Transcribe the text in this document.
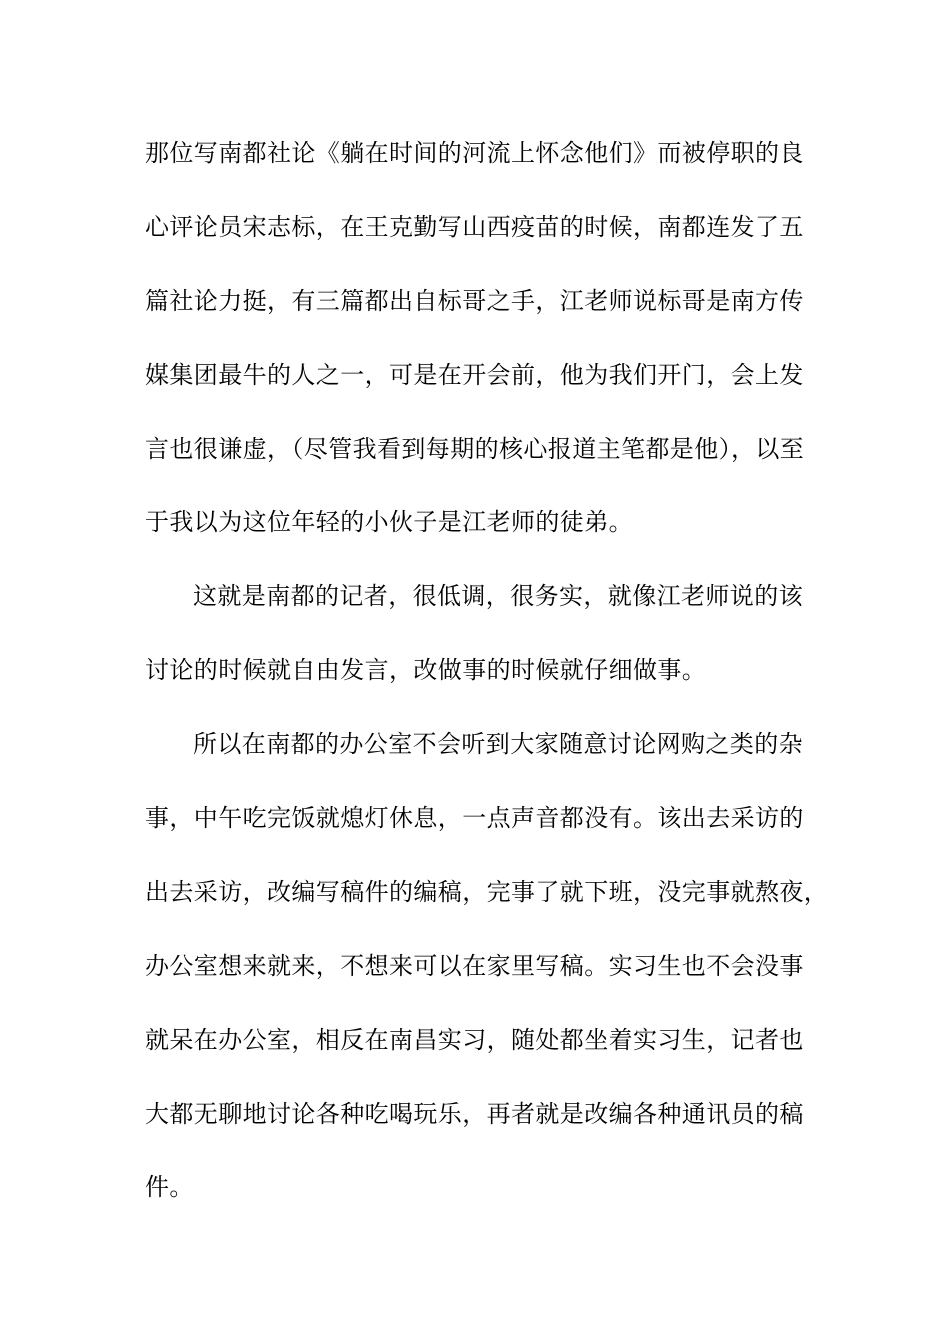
那位写南都社论《躺在时间的河流上怀念他们》而被停职的良
心评论员宋志标，在王克勤写山西疫苗的时候，南都连发了五
篇社论力挺，有三篇都出自标哥之手，江老师说标哥是南方传
媒集团最牛的人之一，可是在开会前，他为我们开门，会上发
言也很谦虚，（尽管我看到每期的核心报道主笔都是他），以至
于我以为这位年轻的小伙子是江老师的徒弟。
这就是南都的记者，很低调，很务实，就像江老师说的该
讨论的时候就自由发言，改做事的时候就仔细做事。
所以在南都的办公室不会听到大家随意讨论网购之类的杂
事，中午吃完饭就熄灯休息，一点声音都没有。该出去采访的
出去采访，改编写稿件的编稿，完事了就下班，没完事就熬夜，
办公室想来就来，不想来可以在家里写稿。实习生也不会没事
就呆在办公室，相反在南昌实习，随处都坐着实习生，记者也
大都无聊地讨论各种吃喝玩乐，再者就是改编各种通讯员的稿
件。
